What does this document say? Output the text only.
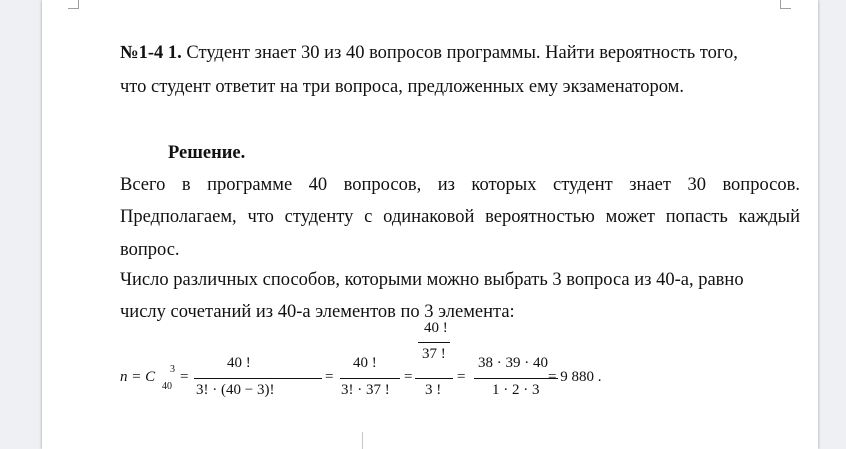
№1-4 1. Студент знает 30 из 40 вопросов программы. Найти вероятность того,
что студент ответит на три вопроса, предложенных ему экзаменатором.
Решение.
Всего в программе 40 вопросов, из которых студент знает 30 вопросов.
Предполагаем, что студенту с одинаковой вероятностью может попасть каждый
вопрос.
Число различных способов, которыми можно выбрать 3 вопроса из 40-а, равно
числу сочетаний из 40-а элементов по 3 элемента:
n = C 3
40
=
40 !
3! · (40 − 3)!
=
40 !
3! · 37 !
=
40 !
37 !
3 !
=
38 · 39 · 40
1 · 2 · 3
= 9 880 .
